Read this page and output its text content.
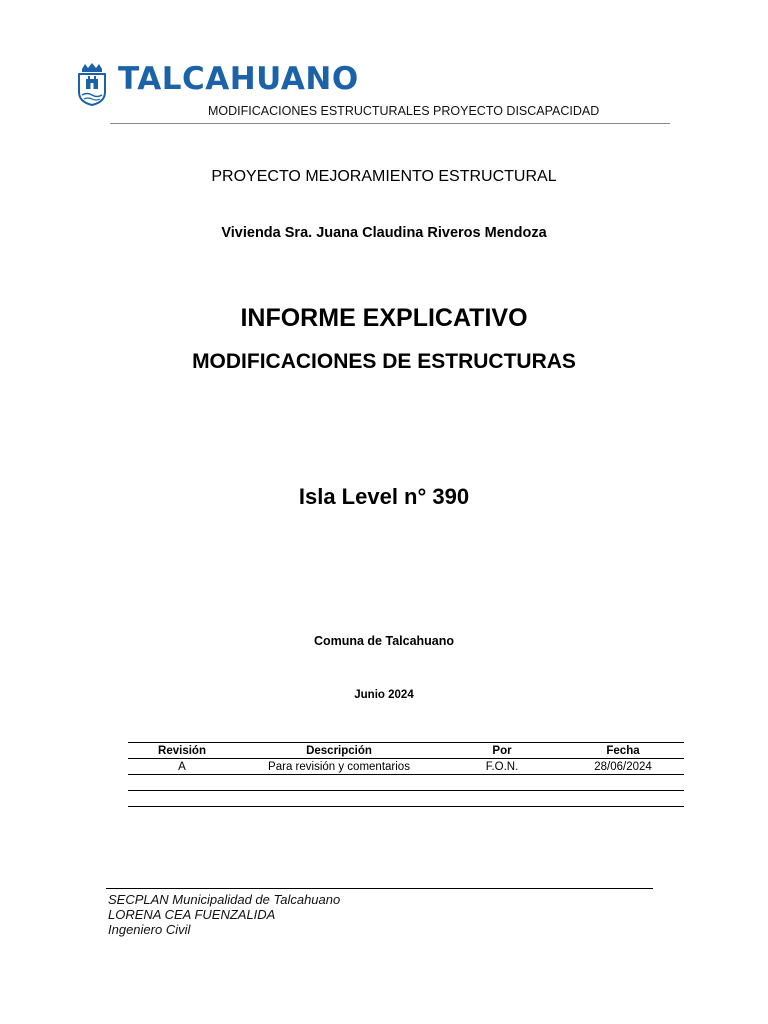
TALCAHUANO
MODIFICACIONES ESTRUCTURALES PROYECTO DISCAPACIDAD
PROYECTO MEJORAMIENTO ESTRUCTURAL
Vivienda Sra. Juana Claudina Riveros Mendoza
INFORME EXPLICATIVO
MODIFICACIONES DE ESTRUCTURAS
Isla Level n° 390
Comuna de Talcahuano
Junio 2024
Revisión	Descripción	Por	Fecha
A	Para revisión y comentarios	F.O.N.	28/06/2024

SECPLAN Municipalidad de Talcahuano
LORENA CEA FUENZALIDA
Ingeniero Civil
